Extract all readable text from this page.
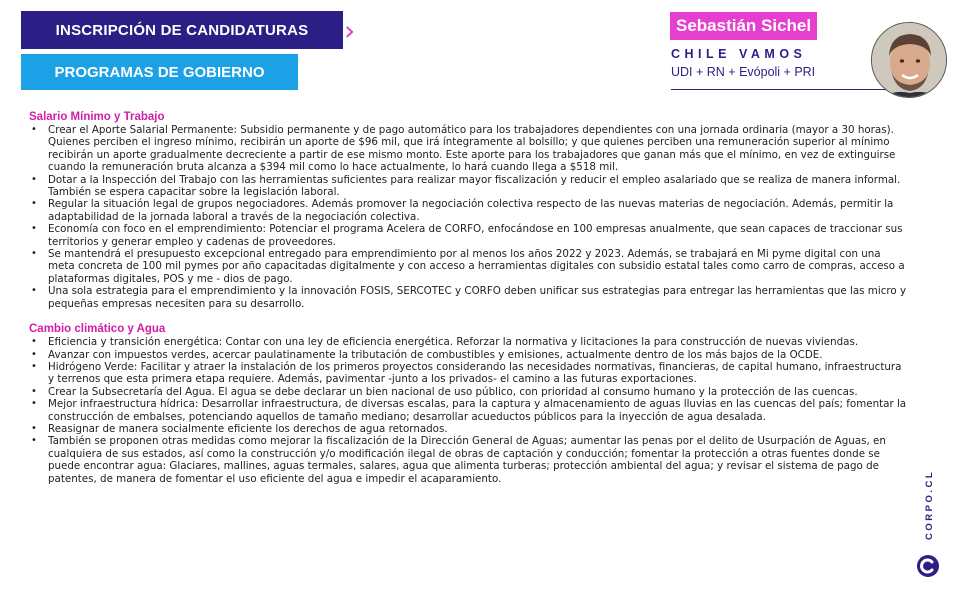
INSCRIPCIÓN DE CANDIDATURAS ›
PROGRAMAS DE GOBIERNO
Sebastián Sichel
CHILE VAMOS
UDI + RN + Evópoli + PRI
Salario Mínimo y Trabajo
• Crear el Aporte Salarial Permanente: Subsidio permanente y de pago automático para los trabajadores dependientes con una jornada ordinaria (mayor a 30 horas). Quienes perciben el ingreso mínimo, recibirán un aporte de $96 mil, que irá íntegramente al bolsillo; y que quienes perciben una remuneración superior al mínimo recibirán un aporte gradualmente decreciente a partir de ese mismo monto. Este aporte para los trabajadores que ganan más que el mínimo, en vez de extinguirse cuando la remuneración bruta alcanza a $394 mil como lo hace actualmente, lo hará cuando llega a $518 mil.
• Dotar a la Inspección del Trabajo con las herramientas suficientes para realizar mayor fiscalización y reducir el empleo asalariado que se realiza de manera informal. También se espera capacitar sobre la legislación laboral.
• Regular la situación legal de grupos negociadores. Además promover la negociación colectiva respecto de las nuevas materias de negociación. Además, permitir la adaptabilidad de la jornada laboral a través de la negociación colectiva.
• Economía con foco en el emprendimiento: Potenciar el programa Acelera de CORFO, enfocándose en 100 empresas anualmente, que sean capaces de traccionar sus territorios y generar empleo y cadenas de proveedores.
• Se mantendrá el presupuesto excepcional entregado para emprendimiento por al menos los años 2022 y 2023. Además, se trabajará en Mi pyme digital con una meta concreta de 100 mil pymes por año capacitadas digitalmente y con acceso a herramientas digitales con subsidio estatal tales como carro de compras, acceso a plataformas digitales, POS y me - dios de pago.
• Una sola estrategia para el emprendimiento y la innovación FOSIS, SERCOTEC y CORFO deben unificar sus estrategias para entregar las herramientas que las micro y pequeñas empresas necesiten para su desarrollo.
Cambio climático y Agua
• Eficiencia y transición energética: Contar con una ley de eficiencia energética. Reforzar la normativa y licitaciones la para construcción de nuevas viviendas.
• Avanzar con impuestos verdes, acercar paulatinamente la tributación de combustibles y emisiones, actualmente dentro de los más bajos de la OCDE.
• Hidrógeno Verde: Facilitar y atraer la instalación de los primeros proyectos considerando las necesidades normativas, financieras, de capital humano, infraestructura y terrenos que esta primera etapa requiere. Además, pavimentar -junto a los privados- el camino a las futuras exportaciones.
• Crear la Subsecretaría del Agua. El agua se debe declarar un bien nacional de uso público, con prioridad al consumo humano y la protección de las cuencas.
• Mejor infraestructura hídrica: Desarrollar infraestructura, de diversas escalas, para la captura y almacenamiento de aguas lluvias en las cuencas del país; fomentar la construcción de embalses, potenciando aquellos de tamaño mediano; desarrollar acueductos públicos para la inyección de agua desalada.
• Reasignar de manera socialmente eficiente los derechos de agua retornados.
• También se proponen otras medidas como mejorar la fiscalización de la Dirección General de Aguas; aumentar las penas por el delito de Usurpación de Aguas, en cualquiera de sus estados, así como la construcción y/o modificación ilegal de obras de captación y conducción; fomentar la protección a otras fuentes donde se puede encontrar agua: Glaciares, mallines, aguas termales, salares, agua que alimenta turberas; protección ambiental del agua; y revisar el sistema de pago de patentes, de manera de fomentar el uso eficiente del agua e impedir el acaparamiento.	CORPO.CL
